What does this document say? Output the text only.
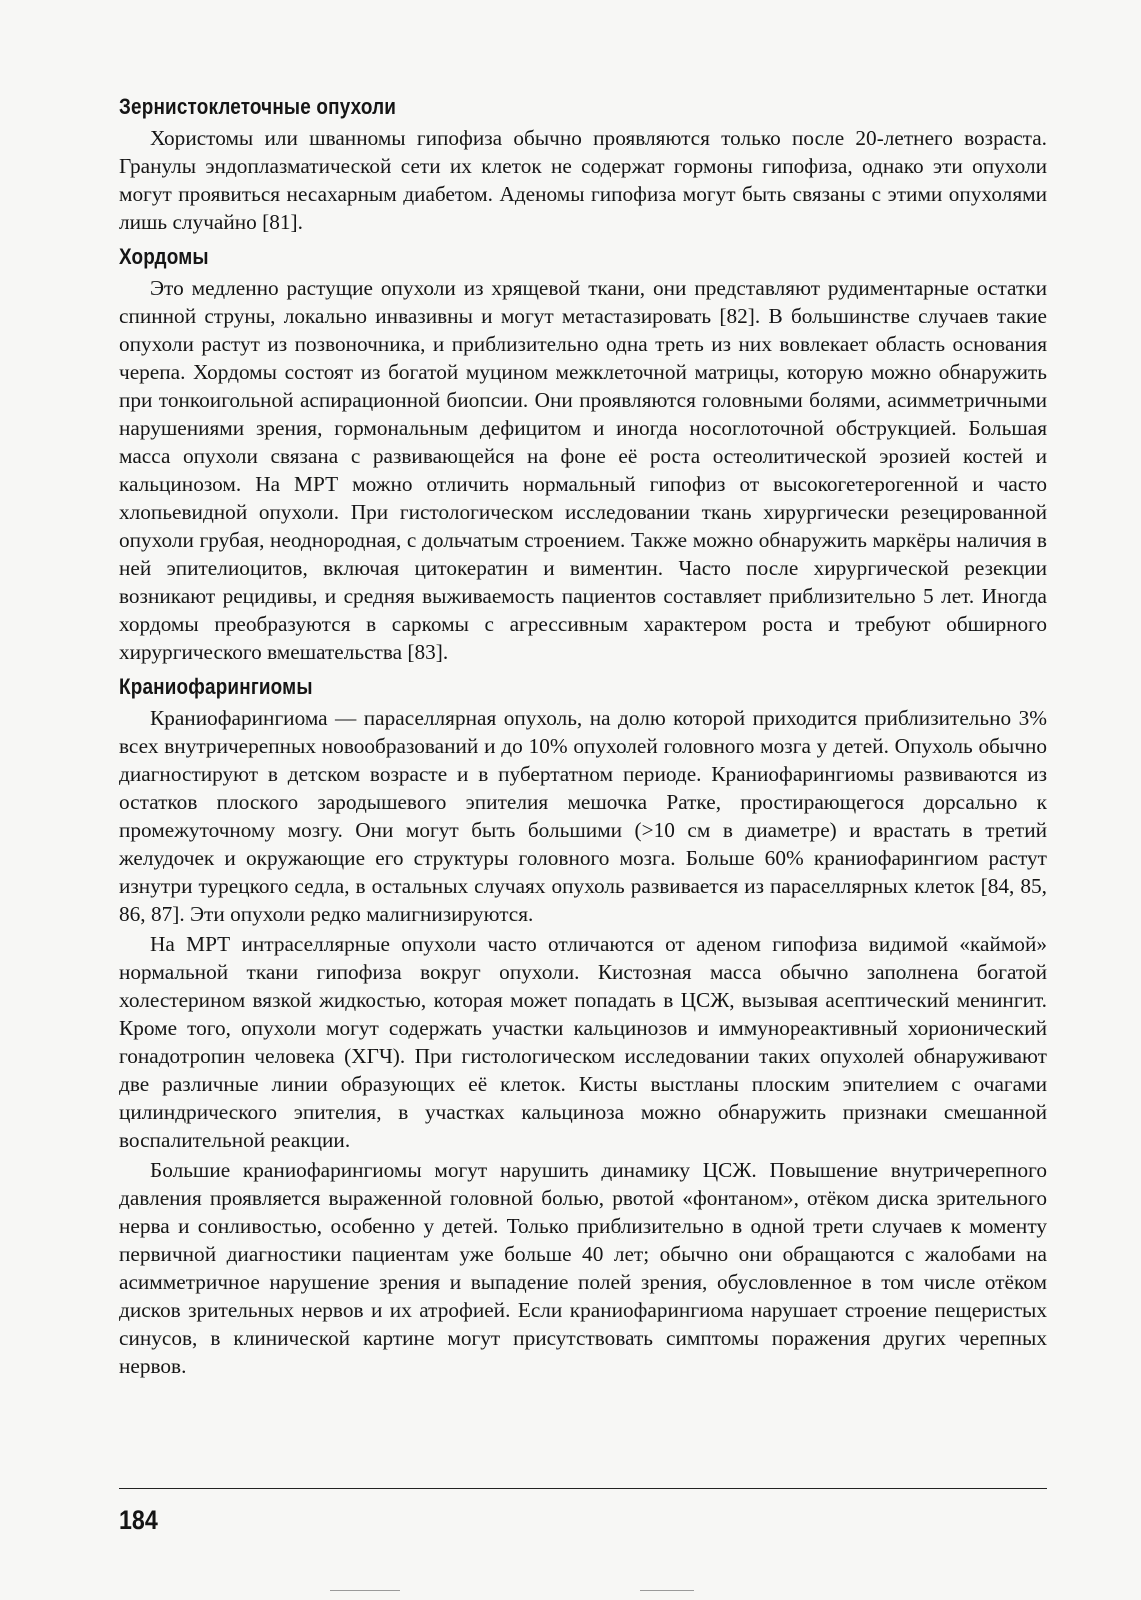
Зернистоклеточные опухоли

Хористомы или шванномы гипофиза обычно проявляются только после 20-летнего возраста. Гранулы эндоплазматической сети их клеток не содержат гормоны гипофиза, однако эти опухоли могут проявиться несахарным диабетом. Аденомы гипофиза могут быть связаны с этими опухолями лишь случайно [81].

Хордомы

Это медленно растущие опухоли из хрящевой ткани, они представляют рудиментарные остатки спинной струны, локально инвазивны и могут метастазировать [82]. В большинстве случаев такие опухоли растут из позвоночника, и приблизительно одна треть из них вовлекает область основания черепа. Хордомы состоят из богатой муцином межклеточной матрицы, которую можно обнаружить при тонкоигольной аспирационной биопсии. Они проявляются головными болями, асимметричными нарушениями зрения, гормональным дефицитом и иногда носоглоточной обструкцией. Большая масса опухоли связана с развивающейся на фоне её роста остеолитической эрозией костей и кальцинозом. На МРТ можно отличить нормальный гипофиз от высокогетерогенной и часто хлопьевидной опухоли. При гистологическом исследовании ткань хирургически резецированной опухоли грубая, неоднородная, с дольчатым строением. Также можно обнаружить маркёры наличия в ней эпителиоцитов, включая цитокератин и виментин. Часто после хирургической резекции возникают рецидивы, и средняя выживаемость пациентов составляет приблизительно 5 лет. Иногда хордомы преобразуются в саркомы с агрессивным характером роста и требуют обширного хирургического вмешательства [83].

Краниофарингиомы

Краниофарингиома — параселлярная опухоль, на долю которой приходится приблизительно 3% всех внутричерепных новообразований и до 10% опухолей головного мозга у детей. Опухоль обычно диагностируют в детском возрасте и в пубертатном периоде. Краниофарингиомы развиваются из остатков плоского зародышевого эпителия мешочка Ратке, простирающегося дорсально к промежуточному мозгу. Они могут быть большими (>10 см в диаметре) и врастать в третий желудочек и окружающие его структуры головного мозга. Больше 60% краниофарингиом растут изнутри турецкого седла, в остальных случаях опухоль развивается из параселлярных клеток [84, 85, 86, 87]. Эти опухоли редко малигнизируются.

На МРТ интраселлярные опухоли часто отличаются от аденом гипофиза видимой «каймой» нормальной ткани гипофиза вокруг опухоли. Кистозная масса обычно заполнена богатой холестерином вязкой жидкостью, которая может попадать в ЦСЖ, вызывая асептический менингит. Кроме того, опухоли могут содержать участки кальцинозов и иммунореактивный хорионический гонадотропин человека (ХГЧ). При гистологическом исследовании таких опухолей обнаруживают две различные линии образующих её клеток. Кисты выстланы плоским эпителием с очагами цилиндрического эпителия, в участках кальциноза можно обнаружить признаки смешанной воспалительной реакции.

Большие краниофарингиомы могут нарушить динамику ЦСЖ. Повышение внутричерепного давления проявляется выраженной головной болью, рвотой «фонтаном», отёком диска зрительного нерва и сонливостью, особенно у детей. Только приблизительно в одной трети случаев к моменту первичной диагностики пациентам уже больше 40 лет; обычно они обращаются с жалобами на асимметричное нарушение зрения и выпадение полей зрения, обусловленное в том числе отёком дисков зрительных нервов и их атрофией. Если краниофарингиома нарушает строение пещеристых синусов, в клинической картине могут присутствовать симптомы поражения других черепных нервов.

184
